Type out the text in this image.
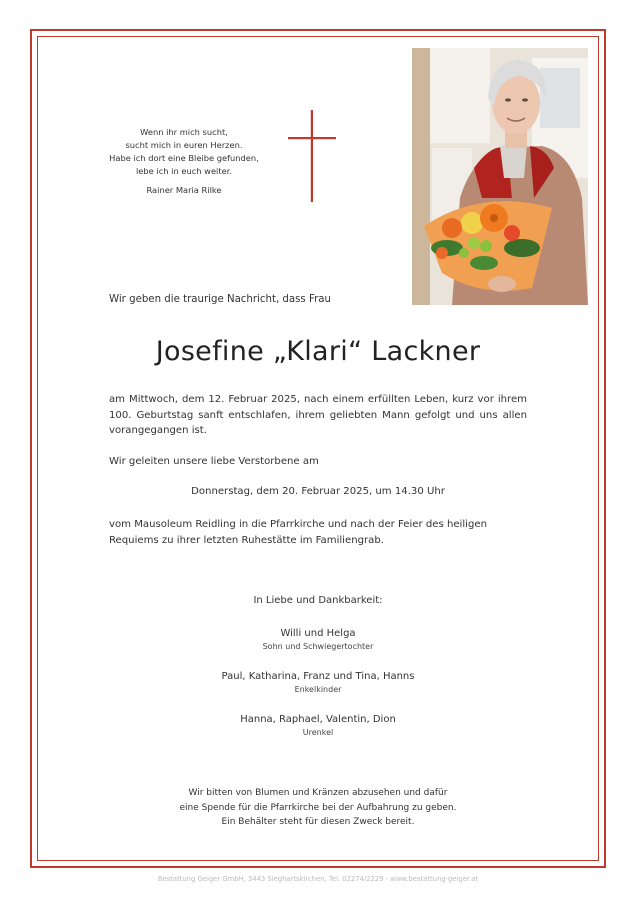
Wenn ihr mich sucht,
sucht mich in euren Herzen.
Habe ich dort eine Bleibe gefunden,
lebe ich in euch weiter.
Rainer Maria Rilke
Wir geben die traurige Nachricht, dass Frau
Josefine „Klari“ Lackner
am Mittwoch, dem 12. Februar 2025, nach einem erfüllten Leben, kurz vor ihrem 100. Geburtstag sanft entschlafen, ihrem geliebten Mann gefolgt und uns allen vorangegangen ist.
Wir geleiten unsere liebe Verstorbene am
Donnerstag, dem 20. Februar 2025, um 14.30 Uhr
vom Mausoleum Reidling in die Pfarrkirche und nach der Feier des heiligen Requiems zu ihrer letzten Ruhestätte im Familiengrab.
In Liebe und Dankbarkeit:
Willi und Helga
Sohn und Schwiegertochter
Paul, Katharina, Franz und Tina, Hanns
Enkelkinder
Hanna, Raphael, Valentin, Dion
Urenkel
Wir bitten von Blumen und Kränzen abzusehen und dafür
eine Spende für die Pfarrkirche bei der Aufbahrung zu geben.
Ein Behälter steht für diesen Zweck bereit.
Bestattung Geiger GmbH, 3443 Sieghartskirchen, Tel. 02274/2229 - www.bestattung-geiger.at
